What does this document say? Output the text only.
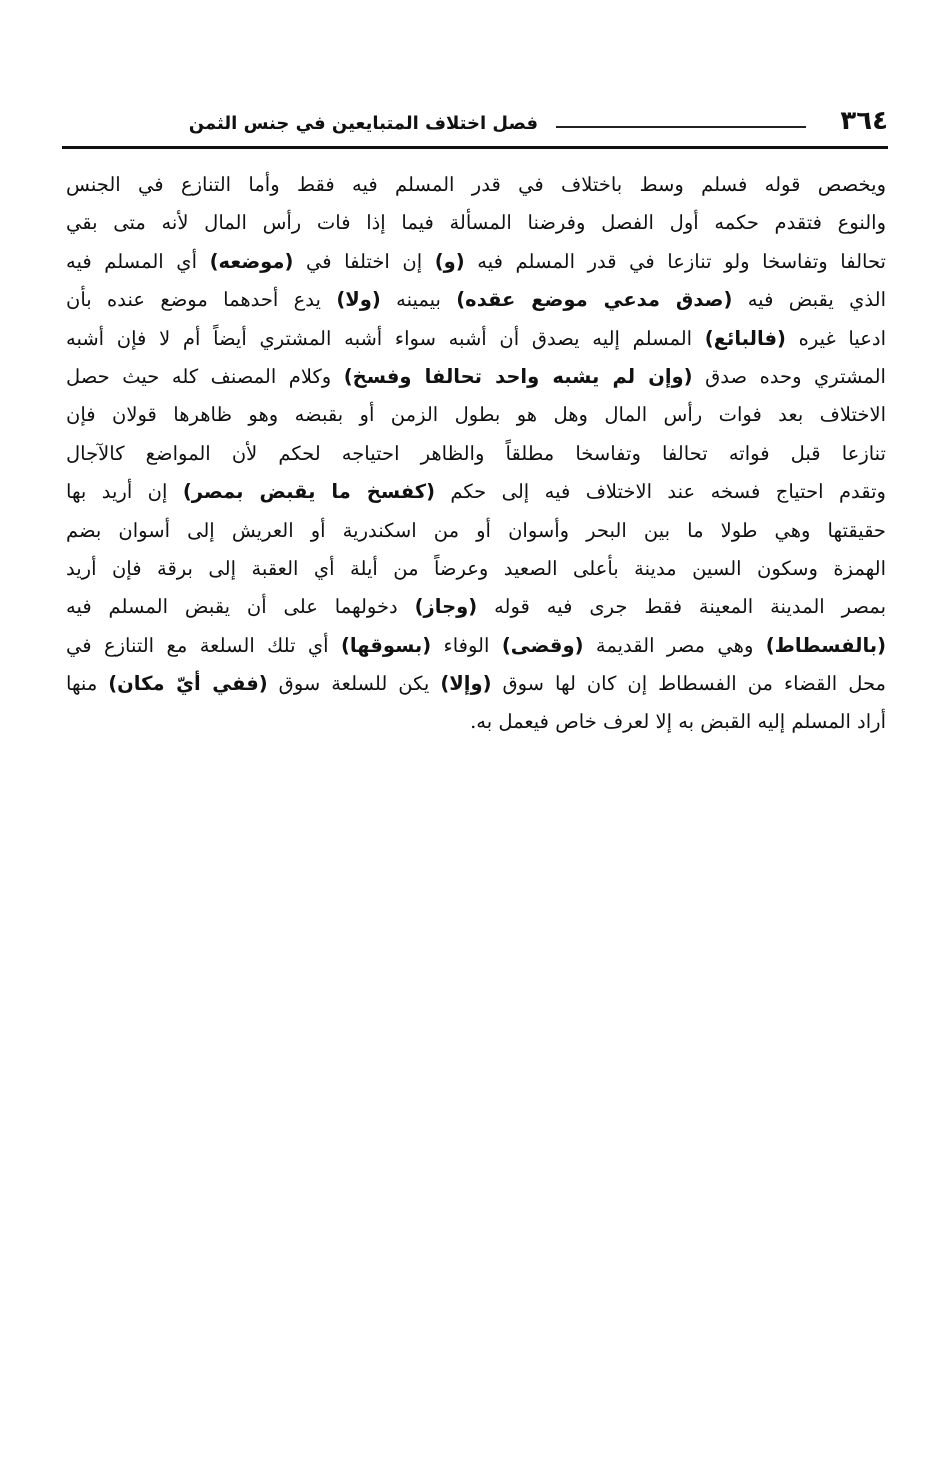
٣٦٤
فصل اختلاف المتبايعين في جنس الثمن
ويخصص قوله فسلم وسط باختلاف في قدر المسلم فيه فقط وأما التنازع في الجنس
والنوع فتقدم حكمه أول الفصل وفرضنا المسألة فيما إذا فات رأس المال لأنه متى بقي
تحالفا وتفاسخا ولو تنازعا في قدر المسلم فيه (و) إن اختلفا في (موضعه) أي المسلم فيه
الذي يقبض فيه (صدق مدعي موضع عقده) بيمينه (ولا) يدع أحدهما موضع عنده بأن
ادعيا غيره (فالبائع) المسلم إليه يصدق أن أشبه سواء أشبه المشتري أيضاً أم لا فإن أشبه
المشتري وحده صدق (وإن لم يشبه واحد تحالفا وفسخ) وكلام المصنف كله حيث حصل
الاختلاف بعد فوات رأس المال وهل هو بطول الزمن أو بقبضه وهو ظاهرها قولان فإن
تنازعا قبل فواته تحالفا وتفاسخا مطلقاً والظاهر احتياجه لحكم لأن المواضع كالآجال
وتقدم احتياج فسخه عند الاختلاف فيه إلى حكم (كفسخ ما يقبض بمصر) إن أريد بها
حقيقتها وهي طولا ما بين البحر وأسوان أو من اسكندرية أو العريش إلى أسوان بضم
الهمزة وسكون السين مدينة بأعلى الصعيد وعرضاً من أيلة أي العقبة إلى برقة فإن أريد
بمصر المدينة المعينة فقط جرى فيه قوله (وجاز) دخولهما على أن يقبض المسلم فيه
(بالفسطاط) وهي مصر القديمة (وقضى) الوفاء (بسوقها) أي تلك السلعة مع التنازع في
محل القضاء من الفسطاط إن كان لها سوق (وإلا) يكن للسلعة سوق (ففي أيّ مكان) منها
أراد المسلم إليه القبض به إلا لعرف خاص فيعمل به.
